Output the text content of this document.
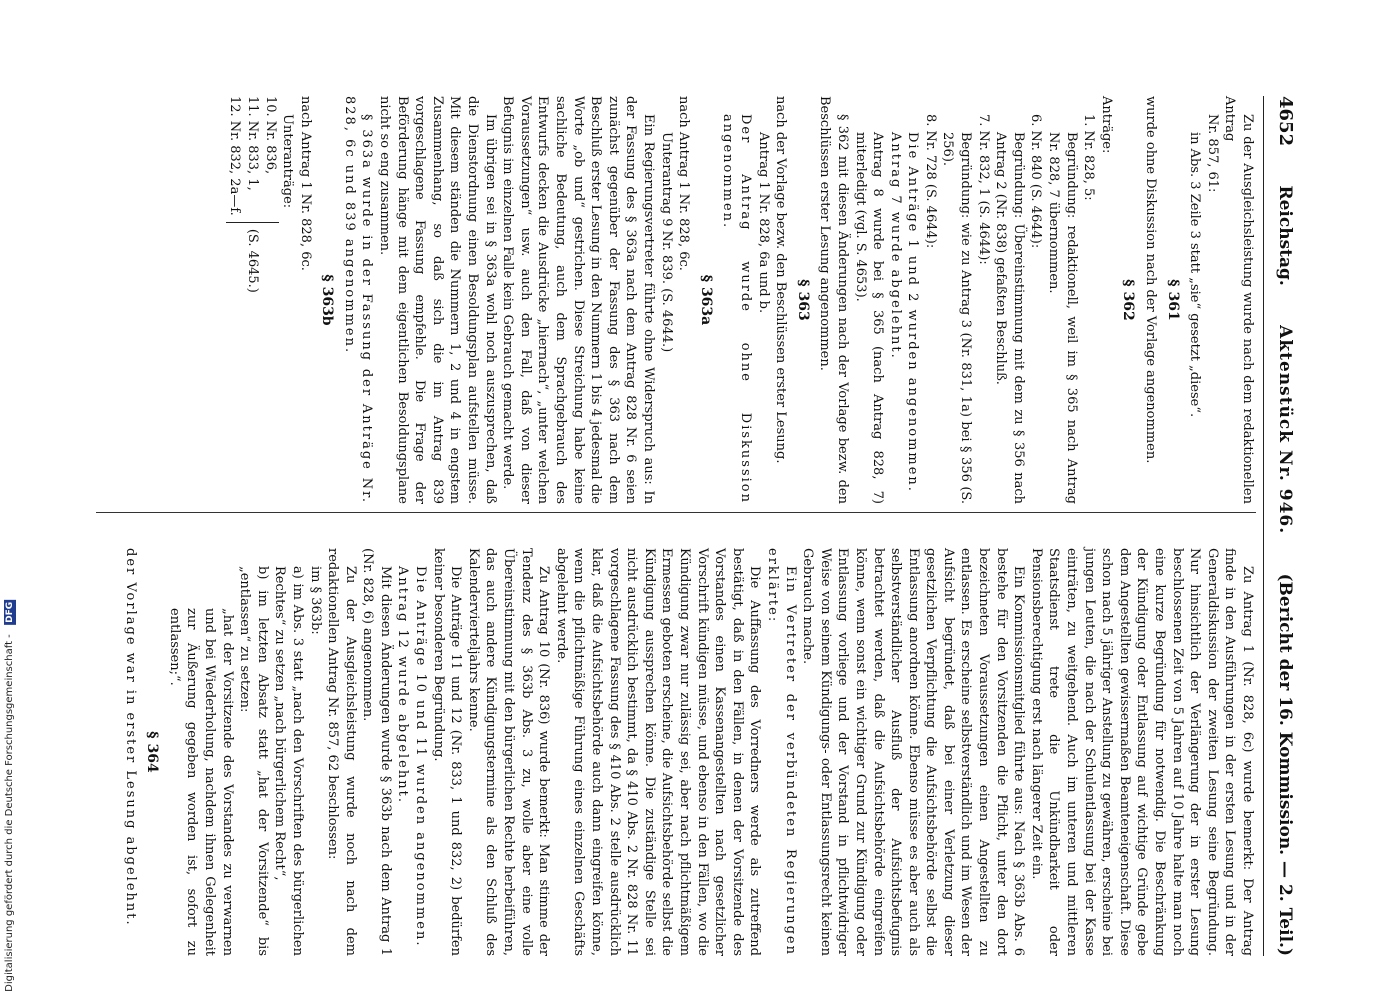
4652
Reichstag.
Aktenstück Nr. 946.
(Bericht der 16. Kommission. — 2. Teil.)

Zu der Ausgleichsleistung wurde nach dem redaktionellen Antrag

Nr. 857, 61:

in Abs. 3 Zeile 3 statt „sie“ gesetzt „diese“.

§ 361

wurde ohne Diskussion nach der Vorlage angenommen.

§ 362

Anträge:

1. Nr. 828, 5:

Begründung: redaktionell, weil im § 365 nach Antrag Nr. 828, 7 übernommen.

6. Nr. 840 (S. 4644):

Begründung: Übereinstimmung mit dem zu § 356 nach Antrag 2 (Nr. 838) gefaßten Beschluß.

7. Nr. 832, 1 (S. 4644):

Begründung: wie zu Antrag 3 (Nr. 831, 1a) bei § 356 (S. 256).

8. Nr. 728 (S. 4644):

Die Anträge 1 und 2 wurden angenommen.

Antrag 7 wurde abgelehnt.

Antrag 8 wurde bei § 365 (nach Antrag 828, 7) miterledigt (vgl. S. 4653).

§ 362 mit diesen Änderungen nach der Vorlage bezw. den Beschlüssen erster Lesung angenommen.

§ 363

nach der Vorlage bezw. den Beschlüssen erster Lesung.

Antrag 1 Nr. 828, 6a und b.

Der Antrag wurde ohne Diskussion angenommen.

§ 363a

nach Antrag 1 Nr. 828, 6c.

Unterantrag 9 Nr. 839. (S. 4644.)

Ein Regierungsvertreter führte ohne Widerspruch aus: In der Fassung des § 363a nach dem Antrag 828 Nr. 6 seien zunächst gegenüber der Fassung des § 363 nach dem Beschluß erster Lesung in den Nummern 1 bis 4 jedesmal die Worte „ob und“ gestrichen. Diese Streichung habe keine sachliche Bedeutung, auch dem Sprachgebrauch des Entwurfs decken die Ausdrücke „hiernach“, „unter welchen Voraussetzungen“ usw. auch den Fall, daß von dieser Befugnis im einzelnen Falle kein Gebrauch gemacht werde.

Im übrigen sei in § 363a wohl noch auszusprechen, daß die Dienstordnung einen Besoldungsplan aufstellen müsse. Mit diesem ständen die Nummern 1, 2 und 4 in engstem Zusammenhang, so daß sich die im Antrag 839 vorgeschlagene Fassung empfehle. Die Frage der Beförderung hänge mit dem eigentlichen Besoldungsplane nicht so eng zusammen.

§ 363a wurde in der Fassung der Anträge Nr. 828, 6c und 839 angenommen.

§ 363b

nach Antrag 1 Nr. 828, 6c.

Unteranträge:

10. Nr. 836,

11. Nr. 833, 1,

12. Nr. 832, 2a—f.

(S. 4645.)

Zu Antrag 1 (Nr. 828, 6c) wurde bemerkt: Der Antrag finde in den Ausführungen in der ersten Lesung und in der Generaldiskussion der zweiten Lesung seine Begründung. Nur hinsichtlich der Verlängerung der in erster Lesung beschlossenen Zeit von 5 Jahren auf 10 Jahre halte man noch eine kurze Begründung für notwendig. Die Beschränkung der Kündigung oder Entlassung auf wichtige Gründe gebe dem Angestellten gewissermaßen Beamteneigenschaft. Diese schon nach 5 jähriger Anstellung zu gewähren, erscheine bei jungen Leuten, die nach der Schulentlassung bei der Kasse einträten, zu weitgehend. Auch im unteren und mittleren Staatsdienst trete die Unkündbarkeit oder Pensionsberechtigung erst nach längerer Zeit ein.

Ein Kommissionsmitglied führte aus: Nach § 363b Abs. 6 bestehe für den Vorsitzenden die Pflicht, unter den dort bezeichneten Voraussetzungen einen Angestellten zu entlassen. Es erscheine selbstverständlich und im Wesen der Aufsicht begründet, daß bei einer Verletzung dieser gesetzlichen Verpflichtung die Aufsichtsbehörde selbst die Entlassung anordnen könne. Ebenso müsse es aber auch als selbstverständlicher Ausfluß der Aufsichtsbefugnis betrachtet werden, daß die Aufsichtsbehörde eingreifen könne, wenn sonst ein wichtiger Grund zur Kündigung oder Entlassung vorliege und der Vorstand in pflichtwidriger Weise von seinem Kündigungs- oder Entlassungsrecht keinen Gebrauch mache.

Ein Vertreter der verbündeten Regierungen erklärte:

Die Auffassung des Vorredners werde als zutreffend bestätigt, daß in den Fällen, in denen der Vorsitzende des Vorstandes einen Kassenangestellten nach gesetzlicher Vorschrift kündigen müsse, und ebenso in den Fällen, wo die Kündigung zwar nur zulässig sei, aber nach pflichtmäßigem Ermessen geboten erscheine, die Aufsichtsbehörde selbst die Kündigung aussprechen könne. Die zuständige Stelle sei nicht ausdrücklich bestimmt, da § 410 Abs. 2 Nr. 828 Nr. 11 vorgeschlagene Fassung des § 410 Abs. 2 stelle ausdrücklich klar, daß die Aufsichtsbehörde auch dann eingreifen könne, wenn die pflichtmäßige Führung eines einzelnen Geschäfts abgelehnt werde.

Zu Antrag 10 (Nr. 836) wurde bemerkt: Man stimme der Tendenz des § 363b Abs. 3 zu, wolle aber eine volle Übereinstimmung mit den bürgerlichen Rechte herbeiführen, das auch andere Kündigungstermine als den Schluß des Kalendervierteljahrs kenne.

Die Anträge 11 und 12 (Nr. 833, 1 und 832, 2) bedürfen keiner besonderen Begründung.

Die Anträge 10 und 11 wurden angenommen.

Antrag 12 wurde abgelehnt.

Mit diesen Änderungen wurde § 363b nach dem Antrag 1 (Nr. 828, 6) angenommen.

Zu der Ausgleichsleistung wurde noch nach dem redaktionellen Antrag Nr. 857, 62 beschlossen:

im § 363b:

a) im Abs. 3 statt „nach den Vorschriften des bürgerlichen Rechtes“ zu setzen „nach bürgerlichem Recht“,

b) im letzten Absatz statt „hat der Vorsitzende“ bis „entlassen“ zu setzen:

„hat der Vorsitzende des Vorstandes zu verwarnen und bei Wiederholung, nachdem ihnen Gelegenheit zur Äußerung gegeben worden ist, sofort zu entlassen;“.

§ 364

der Vorlage war in erster Lesung abgelehnt.

Digitalisierung gefördert durch die Deutsche Forschungsgemeinschaft - DFG
